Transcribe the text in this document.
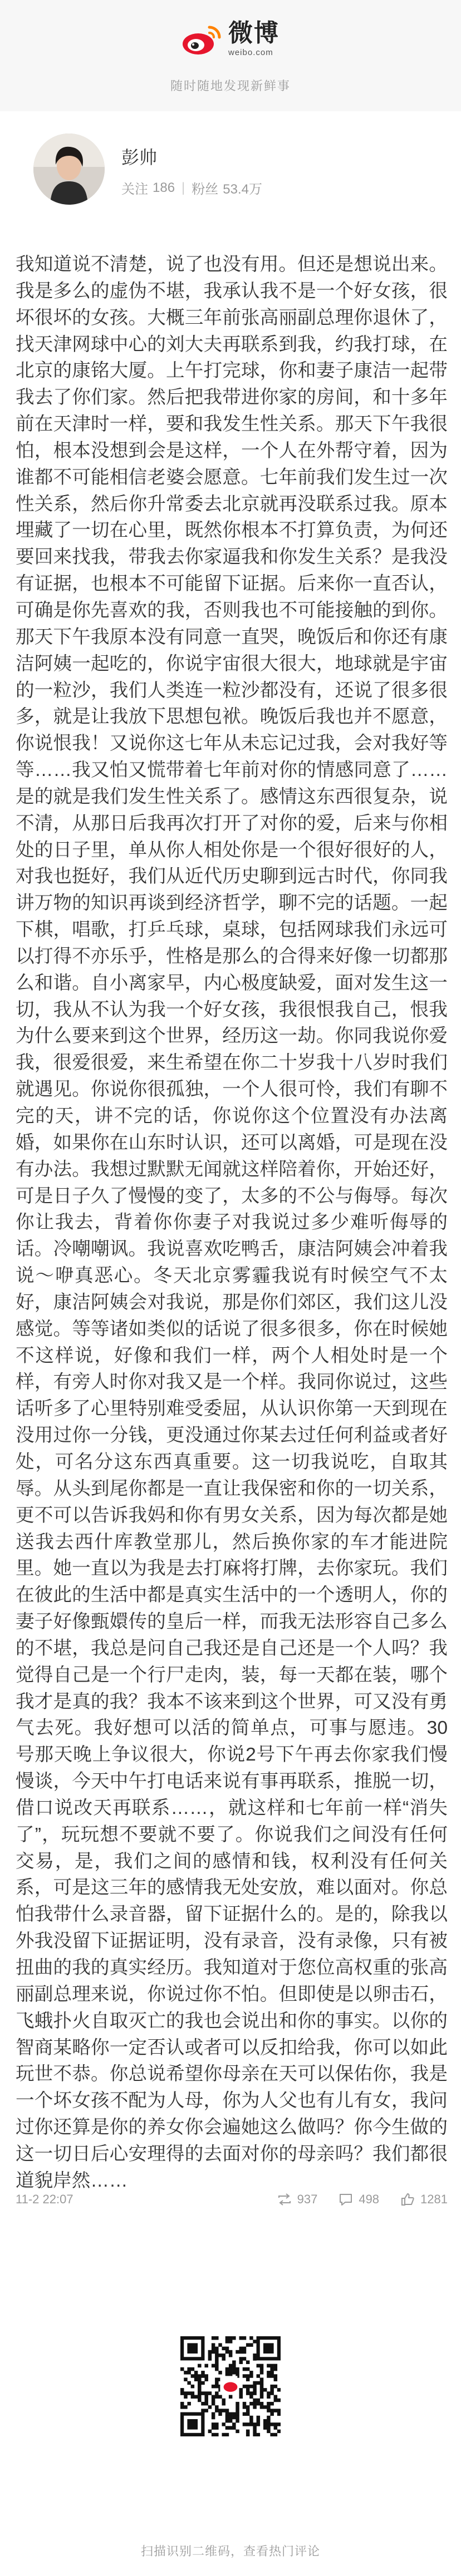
微博
weibo.com
随时随地发现新鲜事
彭帅
关注 186 | 粉丝 53.4万
我知道说不清楚，说了也没有用。但还是想说出来。我是多么的虚伪不堪，我承认我不是一个好女孩，很坏很坏的女孩。大概三年前张高丽副总理你退休了，找天津网球中心的刘大夫再联系到我，约我打球，在北京的康铭大厦。上午打完球，你和妻子康洁一起带我去了你们家。然后把我带进你家的房间，和十多年前在天津时一样，要和我发生性关系。那天下午我很怕，根本没想到会是这样，一个人在外帮守着，因为谁都不可能相信老婆会愿意。七年前我们发生过一次性关系，然后你升常委去北京就再没联系过我。原本埋藏了一切在心里，既然你根本不打算负责，为何还要回来找我，带我去你家逼我和你发生关系？是我没有证据，也根本不可能留下证据。后来你一直否认，可确是你先喜欢的我，否则我也不可能接触的到你。那天下午我原本没有同意一直哭，晚饭后和你还有康洁阿姨一起吃的，你说宇宙很大很大，地球就是宇宙的一粒沙，我们人类连一粒沙都没有，还说了很多很多，就是让我放下思想包袱。晚饭后我也并不愿意，你说恨我！又说你这七年从未忘记过我，会对我好等等……我又怕又慌带着七年前对你的情感同意了……是的就是我们发生性关系了。感情这东西很复杂，说不清，从那日后我再次打开了对你的爱，后来与你相处的日子里，单从你人相处你是一个很好很好的人，对我也挺好，我们从近代历史聊到远古时代，你同我讲万物的知识再谈到经济哲学，聊不完的话题。一起下棋，唱歌，打乒乓球，桌球，包括网球我们永远可以打得不亦乐乎，性格是那么的合得来好像一切都那么和谐。自小离家早，内心极度缺爱，面对发生这一切，我从不认为我一个好女孩，我很恨我自己，恨我为什么要来到这个世界，经历这一劫。你同我说你爱我，很爱很爱，来生希望在你二十岁我十八岁时我们就遇见。你说你很孤独，一个人很可怜，我们有聊不完的天，讲不完的话，你说你这个位置没有办法离婚，如果你在山东时认识，还可以离婚，可是现在没有办法。我想过默默无闻就这样陪着你，开始还好，可是日子久了慢慢的变了，太多的不公与侮辱。每次你让我去，背着你你妻子对我说过多少难听侮辱的话。冷嘲嘲讽。我说喜欢吃鸭舌，康洁阿姨会冲着我说～咿真恶心。冬天北京雾霾我说有时候空气不太好，康洁阿姨会对我说，那是你们郊区，我们这儿没感觉。等等诸如类似的话说了很多很多，你在时候她不这样说，好像和我们一样，两个人相处时是一个样，有旁人时你对我又是一个样。我同你说过，这些话听多了心里特别难受委屈，从认识你第一天到现在没用过你一分钱，更没通过你某去过任何利益或者好处，可名分这东西真重要。这一切我说吃，自取其辱。从头到尾你都是一直让我保密和你的一切关系，更不可以告诉我妈和你有男女关系，因为每次都是她送我去西什库教堂那儿，然后换你家的车才能进院里。她一直以为我是去打麻将打牌，去你家玩。我们在彼此的生活中都是真实生活中的一个透明人，你的妻子好像甄嬛传的皇后一样，而我无法形容自己多么的不堪，我总是问自己我还是自己还是一个人吗？我觉得自己是一个行尸走肉，装，每一天都在装，哪个我才是真的我？我本不该来到这个世界，可又没有勇气去死。我好想可以活的简单点，可事与愿违。30号那天晚上争议很大，你说2号下午再去你家我们慢慢谈，今天中午打电话来说有事再联系，推脱一切，借口说改天再联系……，就这样和七年前一样“消失了”，玩玩想不要就不要了。你说我们之间没有任何交易，是，我们之间的感情和钱，权利没有任何关系，可是这三年的感情我无处安放，难以面对。你总怕我带什么录音器，留下证据什么的。是的，除我以外我没留下证据证明，没有录音，没有录像，只有被扭曲的我的真实经历。我知道对于您位高权重的张高丽副总理来说，你说过你不怕。但即使是以卵击石，飞蛾扑火自取灭亡的我也会说出和你的事实。以你的智商某略你一定否认或者可以反扣给我，你可以如此玩世不恭。你总说希望你母亲在天可以保佑你，我是一个坏女孩不配为人母，你为人父也有儿有女，我问过你还算是你的养女你会遍她这么做吗？你今生做的这一切日后心安理得的去面对你的母亲吗？我们都很道貌岸然……
11-2 22:07	937	498	1281
扫描识别二维码，查看热门评论
